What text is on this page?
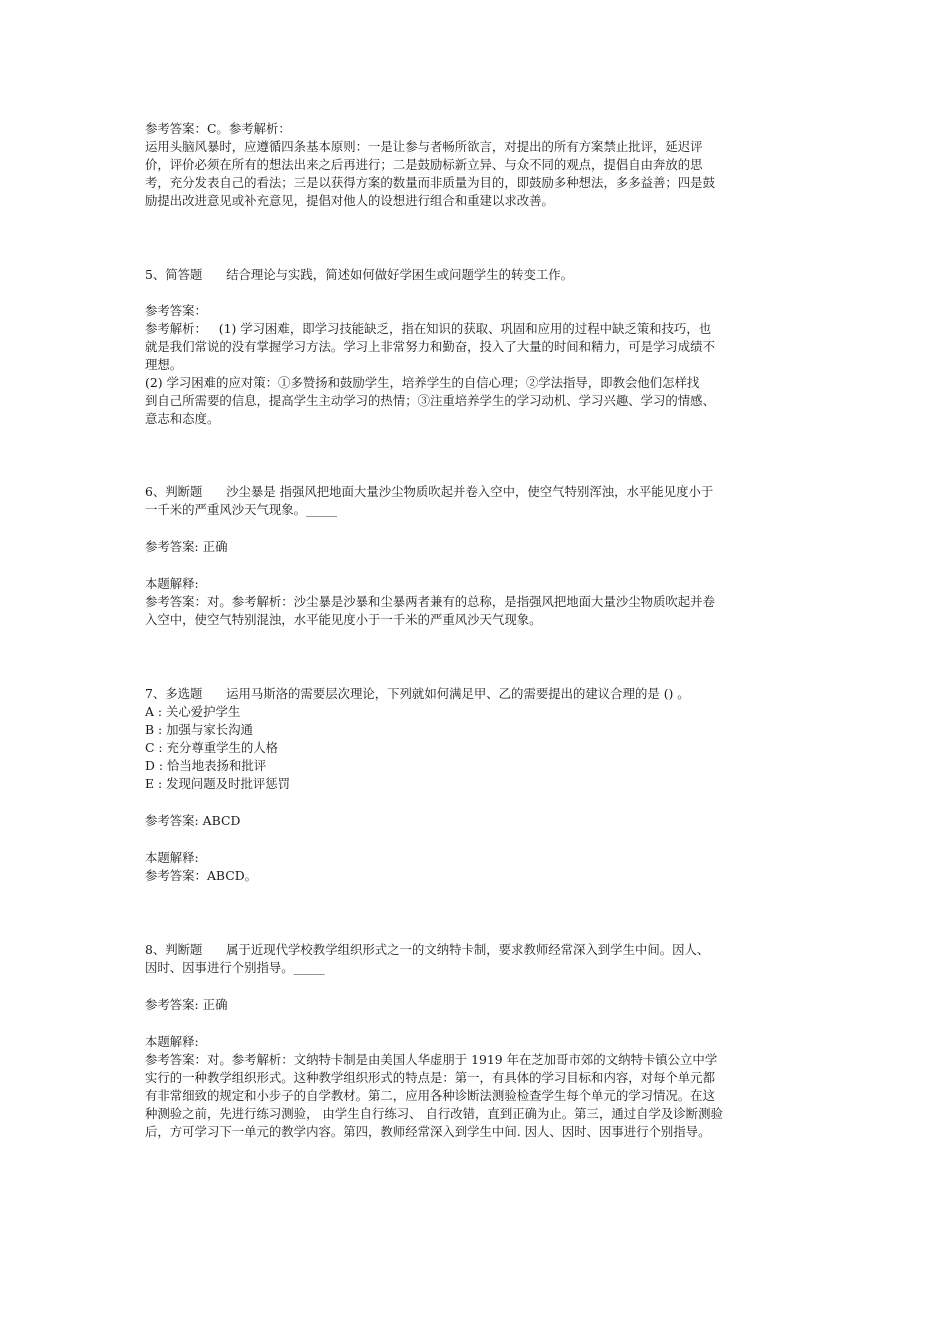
参考答案：C。参考解析：
运用头脑风暴时，应遵循四条基本原则：一是让参与者畅所欲言，对提出的所有方案禁止批评，延迟评
价，评价必须在所有的想法出来之后再进行；二是鼓励标新立异、与众不同的观点，提倡自由奔放的思
考，充分发表自己的看法；三是以获得方案的数量而非质量为目的，即鼓励多种想法，多多益善；四是鼓
励提出改进意见或补充意见，提倡对他人的设想进行组合和重建以求改善。
5、简答题      结合理论与实践，简述如何做好学困生或问题学生的转变工作。
参考答案：
参考解析：   (1) 学习困难，即学习技能缺乏，指在知识的获取、巩固和应用的过程中缺乏策和技巧，也
就是我们常说的没有掌握学习方法。学习上非常努力和勤奋，投入了大量的时间和精力，可是学习成绩不
理想。
(2) 学习困难的应对策：①多赞扬和鼓励学生，培养学生的自信心理；②学法指导，即教会他们怎样找
到自己所需要的信息，提高学生主动学习的热情；③注重培养学生的学习动机、学习兴趣、学习的情感、
意志和态度。
6、判断题      沙尘暴是 指强风把地面大量沙尘物质吹起并卷入空中，使空气特别浑浊，水平能见度小于
一千米的严重风沙天气现象。_____
参考答案: 正确
本题解释:
参考答案：对。参考解析：沙尘暴是沙暴和尘暴两者兼有的总称，是指强风把地面大量沙尘物质吹起并卷
入空中，使空气特别混浊，水平能见度小于一千米的严重风沙天气现象。
7、多选题      运用马斯洛的需要层次理论，下列就如何满足甲、乙的需要提出的建议合理的是 () 。
A : 关心爱护学生
B : 加强与家长沟通
C : 充分尊重学生的人格
D : 恰当地表扬和批评
E : 发现问题及时批评惩罚
参考答案: ABCD
本题解释:
参考答案：ABCD。
8、判断题      属于近现代学校教学组织形式之一的文纳特卡制，要求教师经常深入到学生中间。因人、
因时、因事进行个别指导。_____
参考答案: 正确
本题解释:
参考答案：对。参考解析：文纳特卡制是由美国人华虚朋于 1919 年在芝加哥市郊的文纳特卡镇公立中学
实行的一种教学组织形式。这种教学组织形式的特点是：第一，有具体的学习目标和内容，对每个单元都
有非常细致的规定和小步子的自学教材。第二，应用各种诊断法测验检查学生每个单元的学习情况。在这
种测验之前，先进行练习测验， 由学生自行练习、 自行改错，直到正确为止。第三，通过自学及诊断测验
后，方可学习下一单元的教学内容。第四，教师经常深入到学生中间. 因人、因时、因事进行个别指导。
